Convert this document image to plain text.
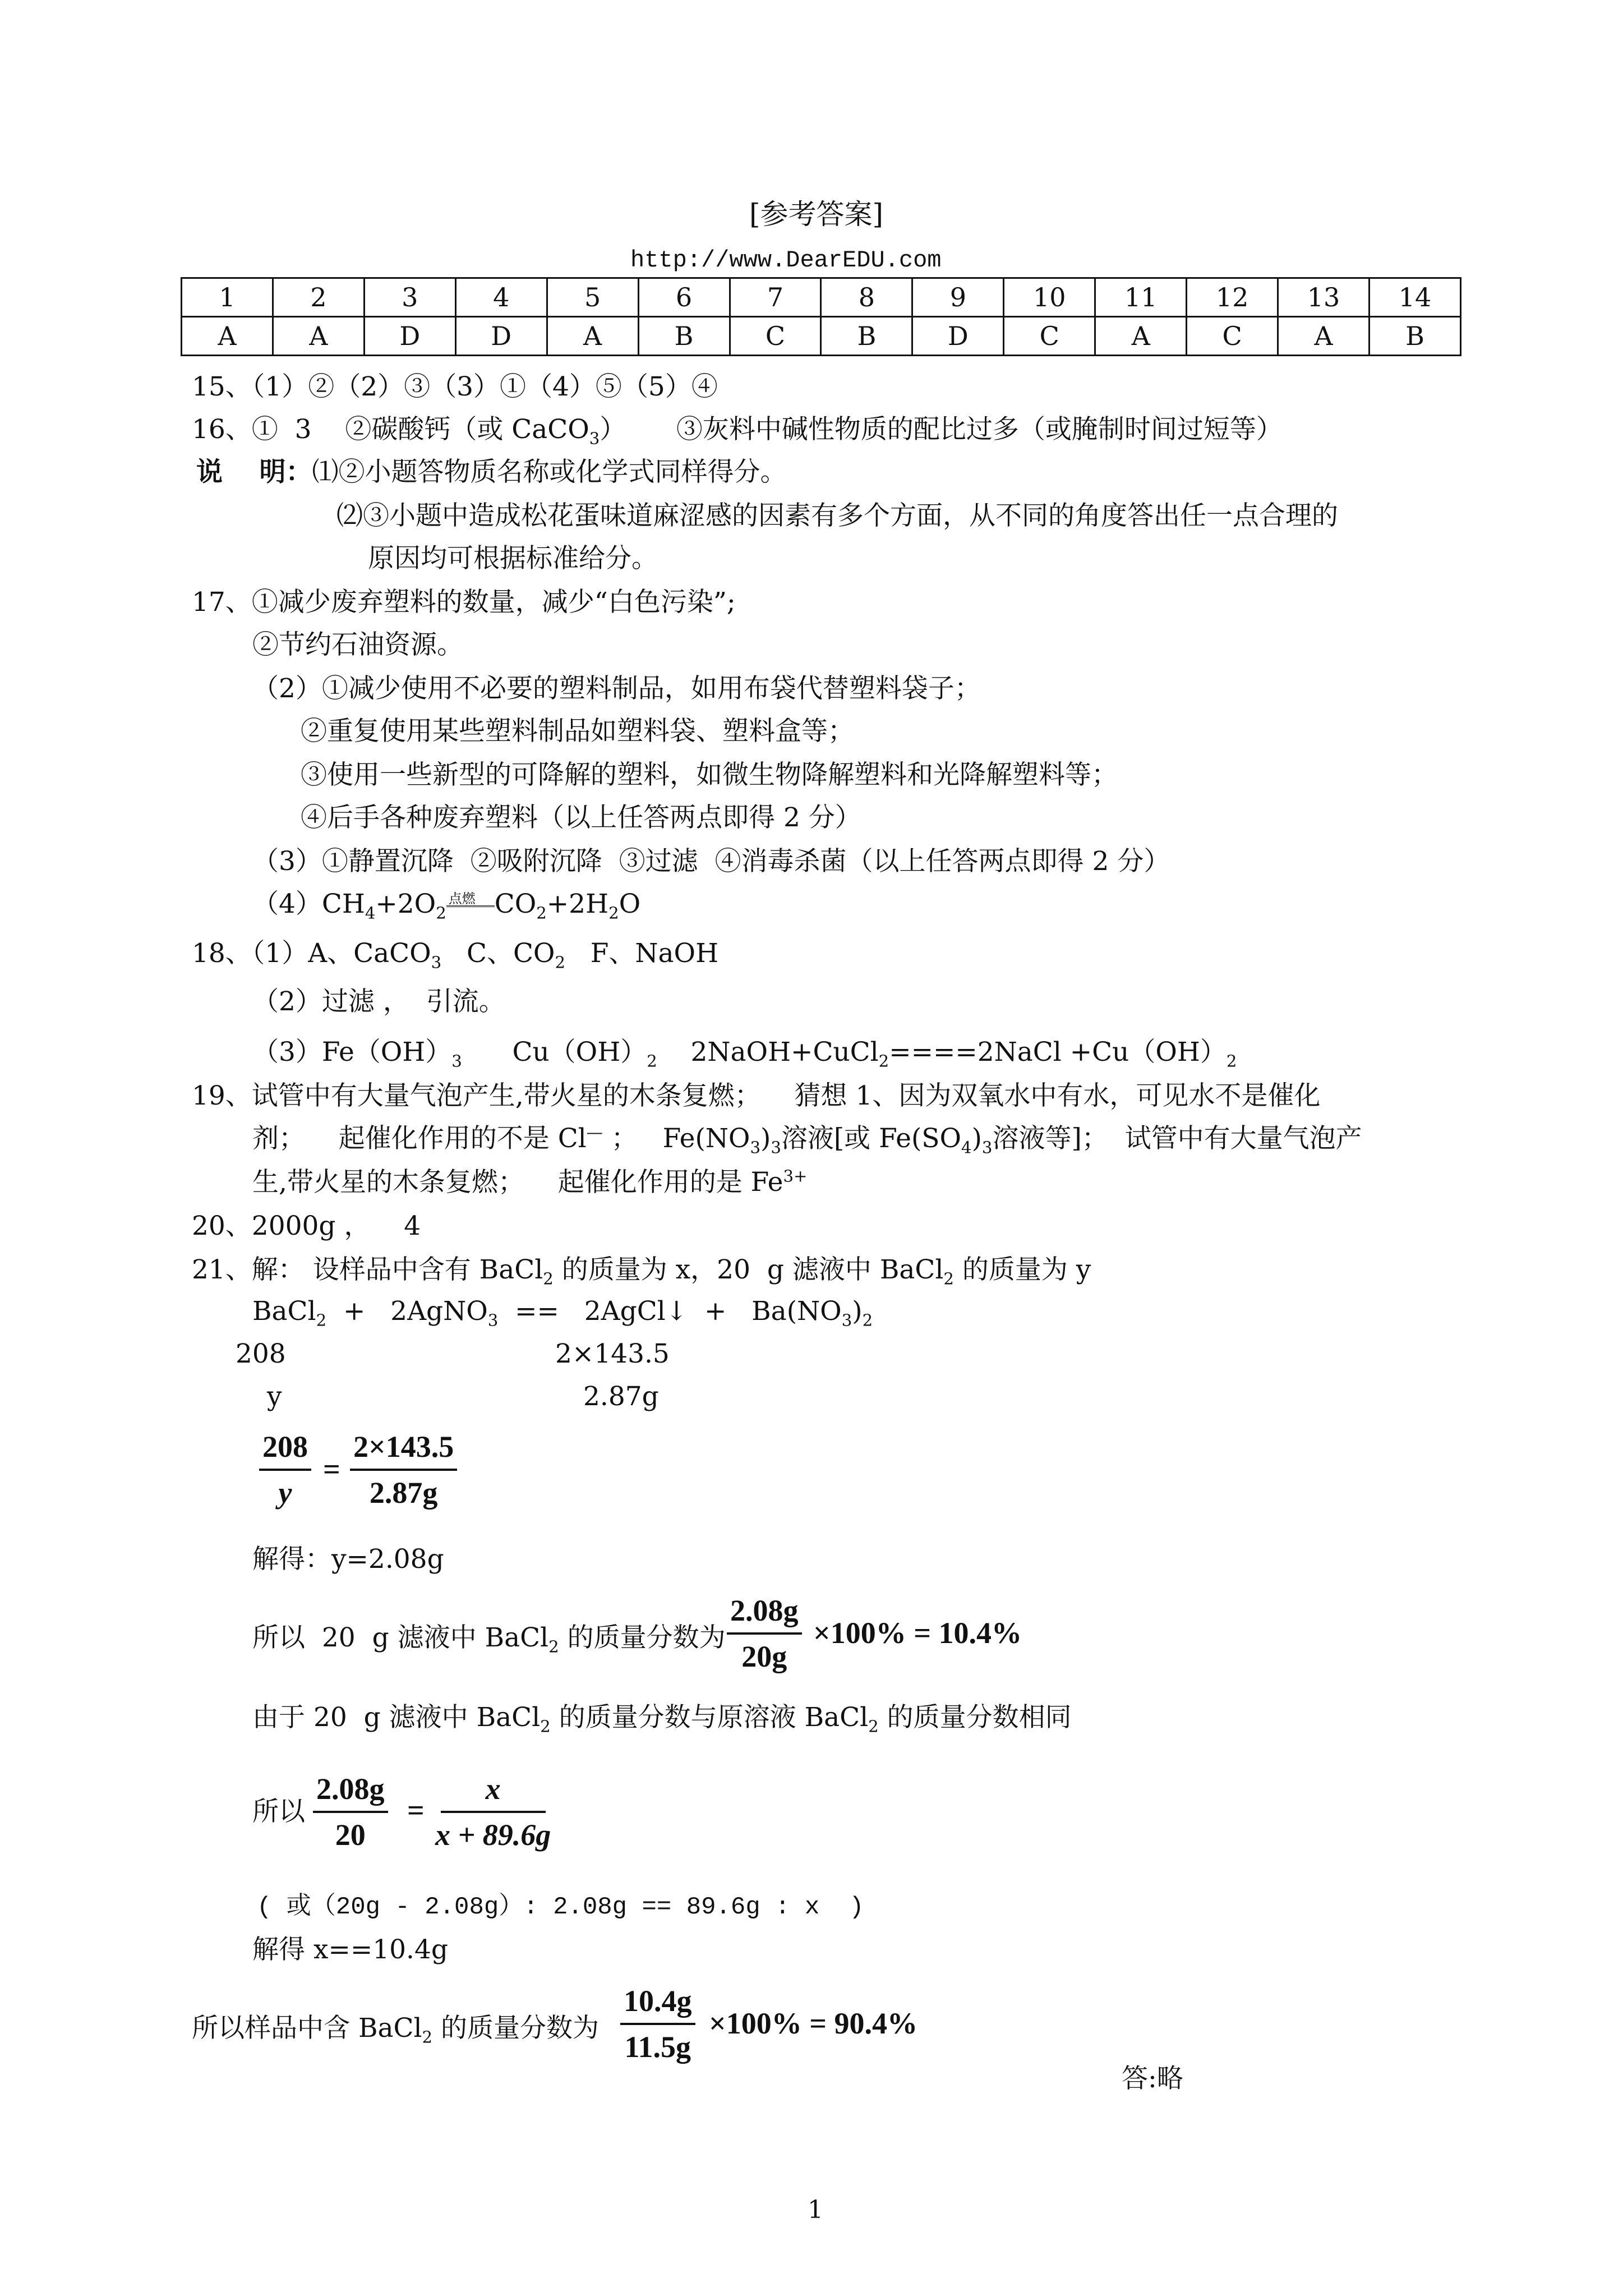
[参考答案]
http://www.DearEDU.com
1	2	3	4	5	6	7	8	9	10	11	12	13	14
A	A	D	D	A	B	C	B	D	C	A	C	A	B
15、（1）②（2）③（3）①（4）⑤（5）④
16、①  3    ②碳酸钙（或 CaCO$_3$）      ③灰料中碱性物质的配比过多（或腌制时间过短等）
说    明：⑴②小题答物质名称或化学式同样得分。
⑵③小题中造成松花蛋味道麻涩感的因素有多个方面，从不同的角度答出任一点合理的
原因均可根据标准给分。
17、①减少废弃塑料的数量，减少“白色污染”;
②节约石油资源。
（2）①减少使用不必要的塑料制品，如用布袋代替塑料袋子；
②重复使用某些塑料制品如塑料袋、塑料盒等；
③使用一些新型的可降解的塑料，如微生物降解塑料和光降解塑料等；
④后手各种废弃塑料（以上任答两点即得 2 分）
（3）①静置沉降  ②吸附沉降  ③过滤  ④消毒杀菌（以上任答两点即得 2 分）
$(4)CH_4+2O_2$
点燃 $CO_2+2H_2O$
18、（1）A、CaCO$_3$   C、$CO_2$   F、NaOH
（2）过滤 ，  引流。
$(3)Fe(OH)_3$      $Cu(OH)_2$    2NaOH+CuCl$_2$====2NaCl $+Cu(OH)_2$
19、试管中有大量气泡产生,带火星的木条复燃；    猜想 1、因为双氧水中有水，可见水不是催化
剂；    起催化作用的不是 Cl— ；   $Fe(NO_3)_3$溶液[或 $Fe(SO_4)_3$溶液等]；  试管中有大量气泡产
生,带火星的木条复燃；    起催化作用的是 $Fe^{3+}$
20、2000g ，    4
21、解： 设样品中含有 BaCl$_2$ 的质量为 x，20  g 滤液中 BaCl$_2$ 的质量为 y
BaCl$_2$  +   2AgNO$_3$  ==   2AgCl↓  +   $Ba(NO_3)_2$
208	2×143.5
y	2.87g
$\frac{208}{y} = \frac{2\times 143.5}{2.87g}$
解得：y=2.08g
所以  20  g 滤液中 BaCl$_2$ 的质量分数为 $\frac{2.08g}{20g} \times 100\% = 10.4\%$
由于 20  g 滤液中 BaCl$_2$ 的质量分数与原溶液 BaCl$_2$ 的质量分数相同
所以 $\frac{2.08g}{20} = \frac{x}{x + 89.6g}$
( 或（20g - 2.08g）: 2.08g == 89.6g : x  )
解得 x==10.4g
所以样品中含 BaCl$_2$ 的质量分数为 $\frac{10.4g}{11.5g} \times 100\% = 90.4\%$
答:略
1
